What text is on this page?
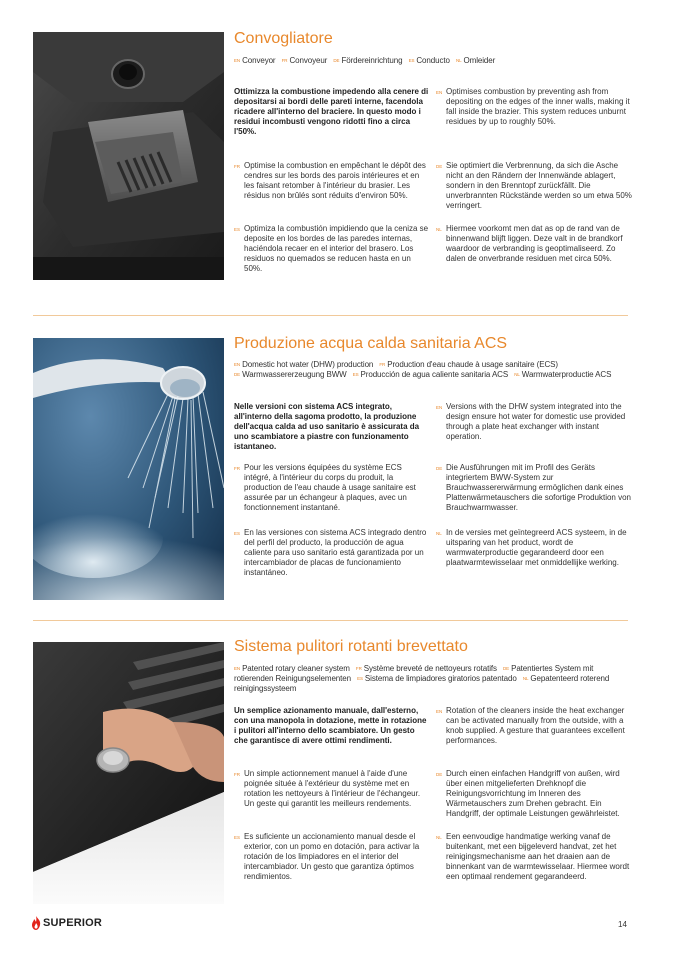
Convogliatore
$^{EN}$ Conveyor $^{FR}$ Convoyeur $^{DE}$ Fördereinrichtung $^{ES}$ Conducto $^{NL}$ Omleider
Ottimizza la combustione impedendo alla cenere di depositarsi ai bordi delle pareti interne, facendola ricadere all'interno del braciere. In questo modo i residui incombusti vengono ridotti fino a circa l'50%.
EN Optimises combustion by preventing ash from depositing on the edges of the inner walls, making it fall inside the brazier. This system reduces unburnt residues by up to roughly 50%.
FR Optimise la combustion en empêchant le dépôt des cendres sur les bords des parois intérieures et en les faisant retomber à l'intérieur du brasier. Les résidus non brûlés sont réduits d'environ 50%.
DE Sie optimiert die Verbrennung, da sich die Asche nicht an den Rändern der Innenwände ablagert, sondern in den Brenntopf zurückfällt. Die unverbrannten Rückstände werden so um etwa 50% verringert.
ES Optimiza la combustión impidiendo que la ceniza se deposite en los bordes de las paredes internas, haciéndola recaer en el interior del brasero. Los residuos no quemados se reducen hasta en un 50%.
NL Hiermee voorkomt men dat as op de rand van de binnenwand blijft liggen. Deze valt in de brandkorf waardoor de verbranding is geoptimaliseerd. Zo dalen de onverbrande residuen met circa 50%.
Produzione acqua calda sanitaria ACS
$^{EN}$ Domestic hot water (DHW) production $^{FR}$ Production d'eau chaude à usage sanitaire (ECS)
$^{DE}$ Warmwassererzeugung BWW $^{ES}$ Producción de agua caliente sanitaria ACS $^{NL}$ Warmwaterproductie ACS
Nelle versioni con sistema ACS integrato, all'interno della sagoma prodotto, la produzione dell'acqua calda ad uso sanitario è assicurata da uno scambiatore a piastre con funzionamento istantaneo.
EN Versions with the DHW system integrated into the design ensure hot water for domestic use provided through a plate heat exchanger with instant operation.
FR Pour les versions équipées du système ECS intégré, à l'intérieur du corps du produit, la production de l'eau chaude à usage sanitaire est assurée par un échangeur à plaques, avec un fonctionnement instantané.
DE Die Ausführungen mit im Profil des Geräts integriertem BWW-System zur Brauchwassererwärmung ermöglichen dank eines Plattenwärmetauschers die sofortige Produktion von Brauchwarmwasser.
ES En las versiones con sistema ACS integrado dentro del perfil del producto, la producción de agua caliente para uso sanitario está garantizada por un intercambiador de placas de funcionamiento instantáneo.
NL In de versies met geïntegreerd ACS systeem, in de uitsparing van het product, wordt de warmwaterproductie gegarandeerd door een plaatwarmtewisselaar met onmiddellijke werking.
Sistema pulitori rotanti brevettato
$^{EN}$ Patented rotary cleaner system $^{FR}$ Système breveté de nettoyeurs rotatifs $^{DE}$ Patentiertes System mit rotierenden Reinigungselementen $^{ES}$ Sistema de limpiadores giratorios patentado $^{NL}$ Gepatenteerd roterend reinigingssysteem
Un semplice azionamento manuale, dall'esterno, con una manopola in dotazione, mette in rotazione i pulitori all'interno dello scambiatore. Un gesto che garantisce di avere ottimi rendimenti.
EN Rotation of the cleaners inside the heat exchanger can be activated manually from the outside, with a knob supplied. A gesture that guarantees excellent performances.
FR Un simple actionnement manuel à l'aide d'une poignée située à l'extérieur du système met en rotation les nettoyeurs à l'intérieur de l'échangeur. Un geste qui garantit les meilleurs rendements.
DE Durch einen einfachen Handgriff von außen, wird über einen mitgelieferten Drehknopf die Reinigungsvorrichtung im Inneren des Wärmetauschers zum Drehen gebracht. Ein Handgriff, der optimale Leistungen gewährleistet.
ES Es suficiente un accionamiento manual desde el exterior, con un pomo en dotación, para activar la rotación de los limpiadores en el interior del intercambiador. Un gesto que garantiza óptimos rendimientos.
NL Een eenvoudige handmatige werking vanaf de buitenkant, met een bijgeleverd handvat, zet het reinigingsmechanisme aan het draaien aan de binnenkant van de warmtewisselaar. Hiermee wordt een optimaal rendement gegarandeerd.
SUPERIOR	14
